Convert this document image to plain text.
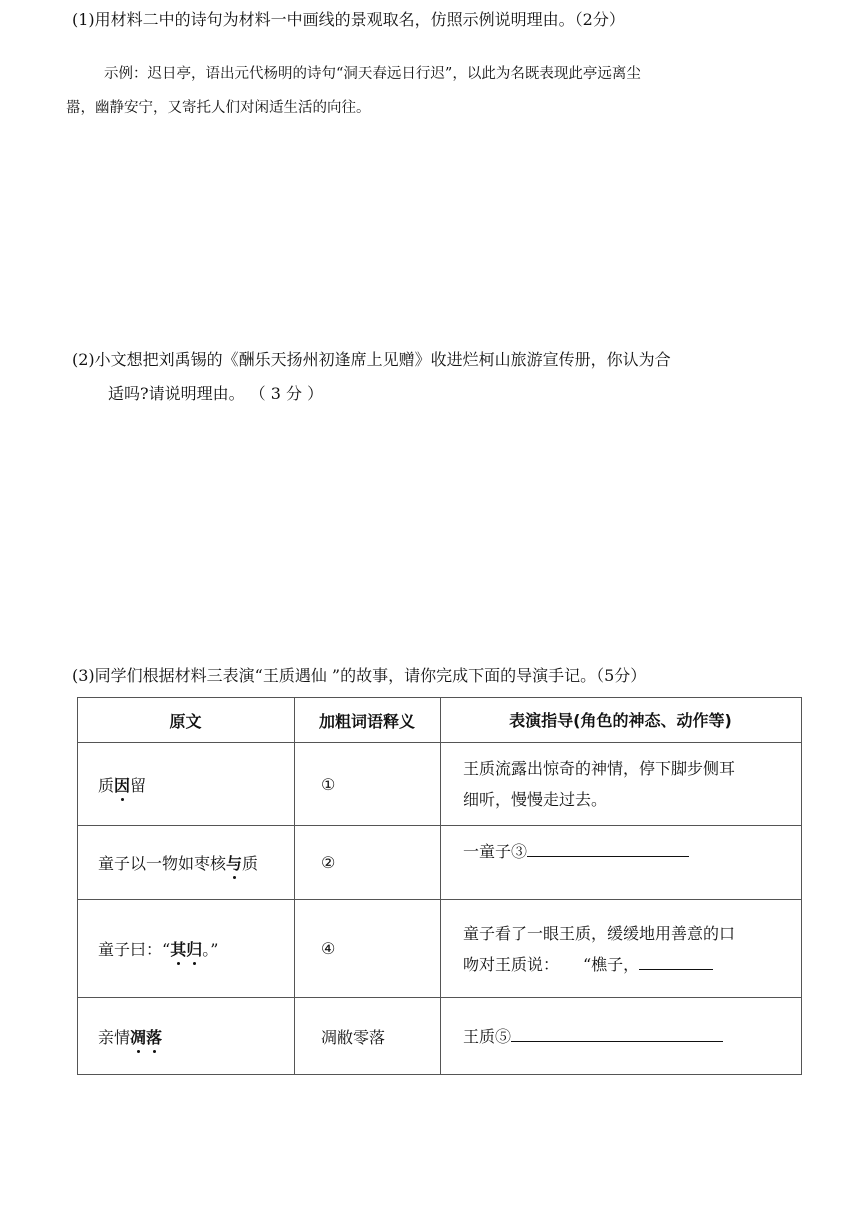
(1)用材料二中的诗句为材料一中画线的景观取名，仿照示例说明理由。（2分）
示例：迟日亭，语出元代杨明的诗句“洞天春远日行迟”，以此为名既表现此亭远离尘
嚣，幽静安宁，又寄托人们对闲适生活的向往。
(2)小文想把刘禹锡的《酬乐天扬州初逢席上见赠》收进烂柯山旅游宣传册，你认为合
适吗?请说明理由。 （ 3 分 ）
(3)同学们根据材料三表演“王质遇仙 ”的故事，请你完成下面的导演手记。（5分）
原文	加粗词语释义	表演指导(角色的神态、动作等)
质因留	①	王质流露出惊奇的神情，停下脚步侧耳
细听，慢慢走过去。

童子以一物如枣核与质	②	一童子③
童子曰：“其归。”	④	童子看了一眼王质，缓缓地用善意的口
吻对王质说：　　“樵子，

亲情凋落	凋敝零落	王质⑤
